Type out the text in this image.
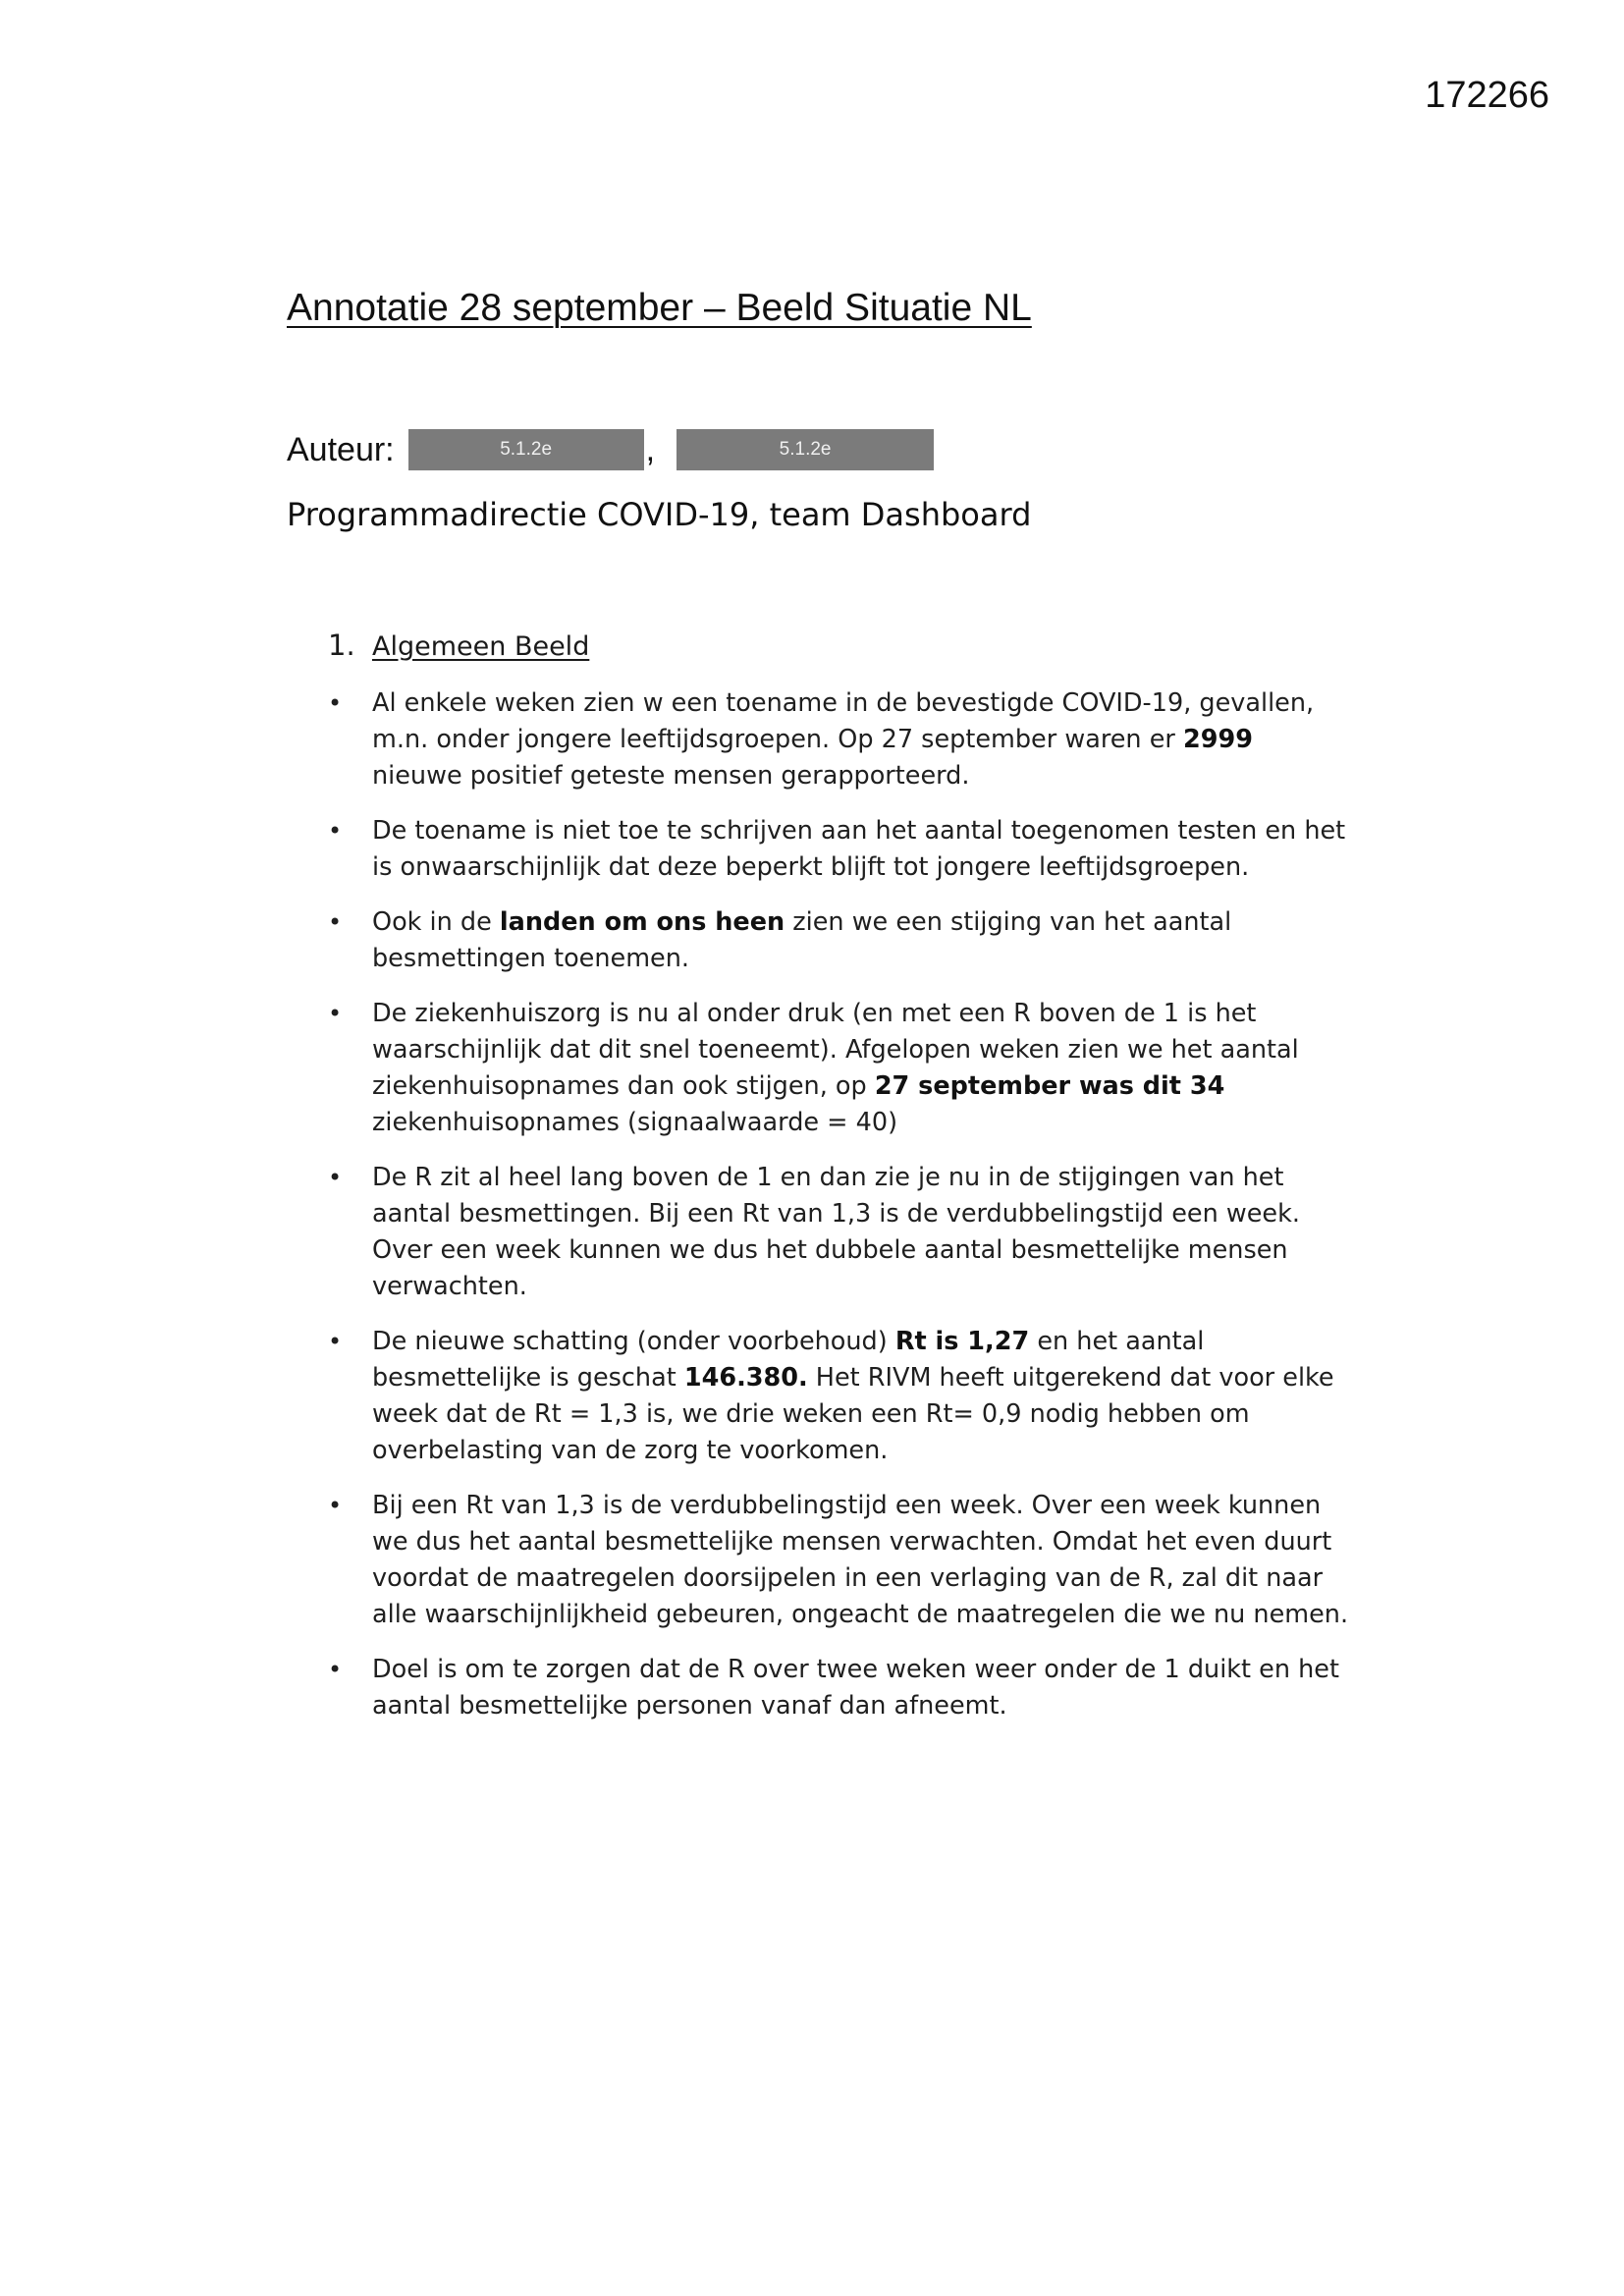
172266
Annotatie 28 september – Beeld Situatie NL
Auteur:	5.1.2e	,	5.1.2e
Programmadirectie COVID-19, team Dashboard
1. Algemeen Beeld
• Al enkele weken zien w een toename in de bevestigde COVID-19, gevallen, m.n. onder jongere leeftijdsgroepen. Op 27 september waren er 2999 nieuwe positief geteste mensen gerapporteerd.
• De toename is niet toe te schrijven aan het aantal toegenomen testen en het is onwaarschijnlijk dat deze beperkt blijft tot jongere leeftijdsgroepen.
• Ook in de landen om ons heen zien we een stijging van het aantal besmettingen toenemen.
• De ziekenhuiszorg is nu al onder druk (en met een R boven de 1 is het waarschijnlijk dat dit snel toeneemt). Afgelopen weken zien we het aantal ziekenhuisopnames dan ook stijgen, op 27 september was dit 34 ziekenhuisopnames (signaalwaarde = 40)
• De R zit al heel lang boven de 1 en dan zie je nu in de stijgingen van het aantal besmettingen. Bij een Rt van 1,3 is de verdubbelingstijd een week. Over een week kunnen we dus het dubbele aantal besmettelijke mensen verwachten.
• De nieuwe schatting (onder voorbehoud) Rt is 1,27 en het aantal besmettelijke is geschat 146.380. Het RIVM heeft uitgerekend dat voor elke week dat de Rt = 1,3 is, we drie weken een Rt= 0,9 nodig hebben om overbelasting van de zorg te voorkomen.
• Bij een Rt van 1,3 is de verdubbelingstijd een week. Over een week kunnen we dus het aantal besmettelijke mensen verwachten. Omdat het even duurt voordat de maatregelen doorsijpelen in een verlaging van de R, zal dit naar alle waarschijnlijkheid gebeuren, ongeacht de maatregelen die we nu nemen.
• Doel is om te zorgen dat de R over twee weken weer onder de 1 duikt en het aantal besmettelijke personen vanaf dan afneemt.
